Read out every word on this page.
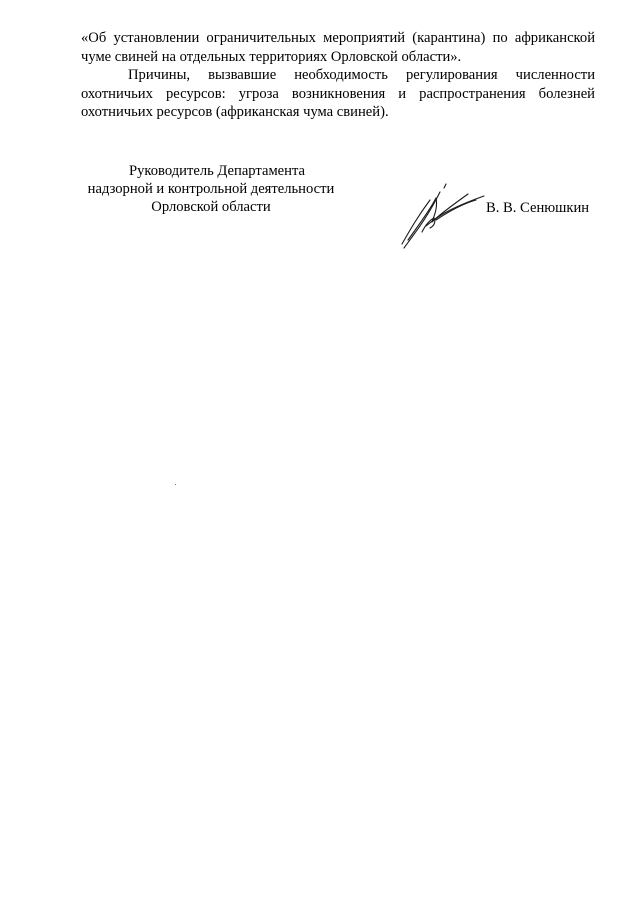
«Об установлении ограничительных мероприятий (карантина) по африканской чуме свиней на отдельных территориях Орловской области».

Причины, вызвавшие необходимость регулирования численности охотничьих ресурсов: угроза возникновения и распространения болезней охотничьих ресурсов (африканская чума свиней).

Руководитель Департамента
надзорной и контрольной деятельности
Орловской области	В. В. Сенюшкин
